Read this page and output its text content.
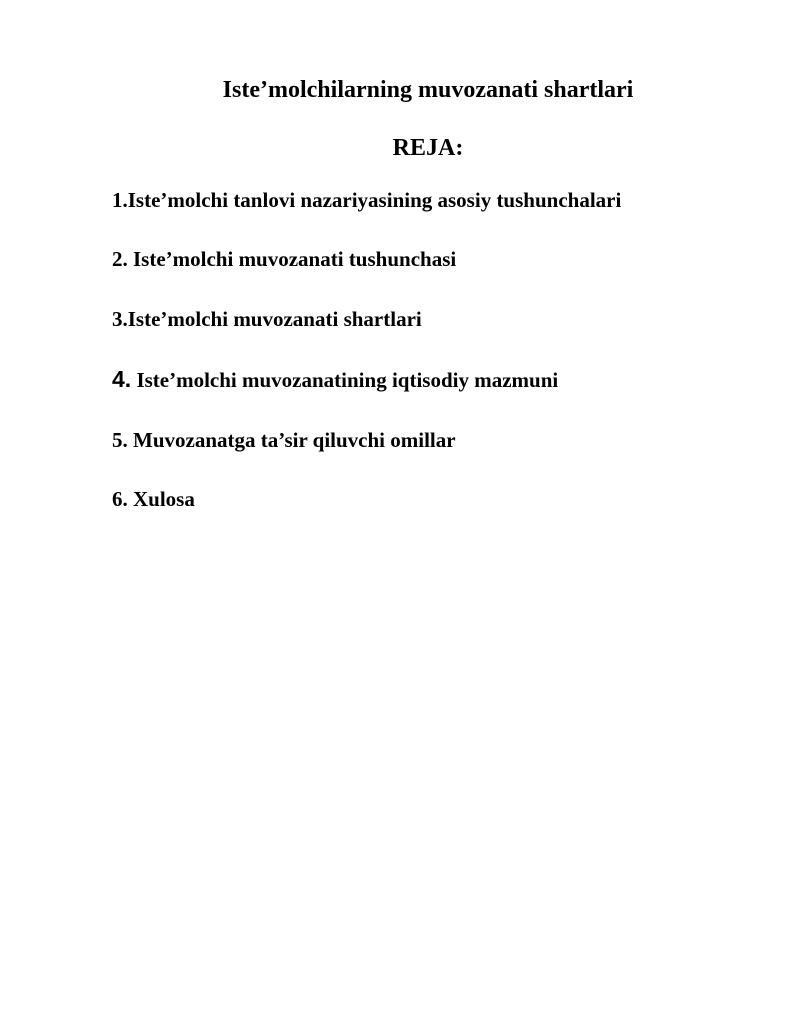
Iste’molchilarning muvozanati shartlari
REJA:
1.Iste’molchi tanlovi nazariyasining asosiy tushunchalari
2. Iste’molchi muvozanati tushunchasi
3.Iste’molchi muvozanati shartlari
4. Iste’molchi muvozanatining iqtisodiy mazmuni
5. Muvozanatga ta’sir qiluvchi omillar
6. Xulosa
